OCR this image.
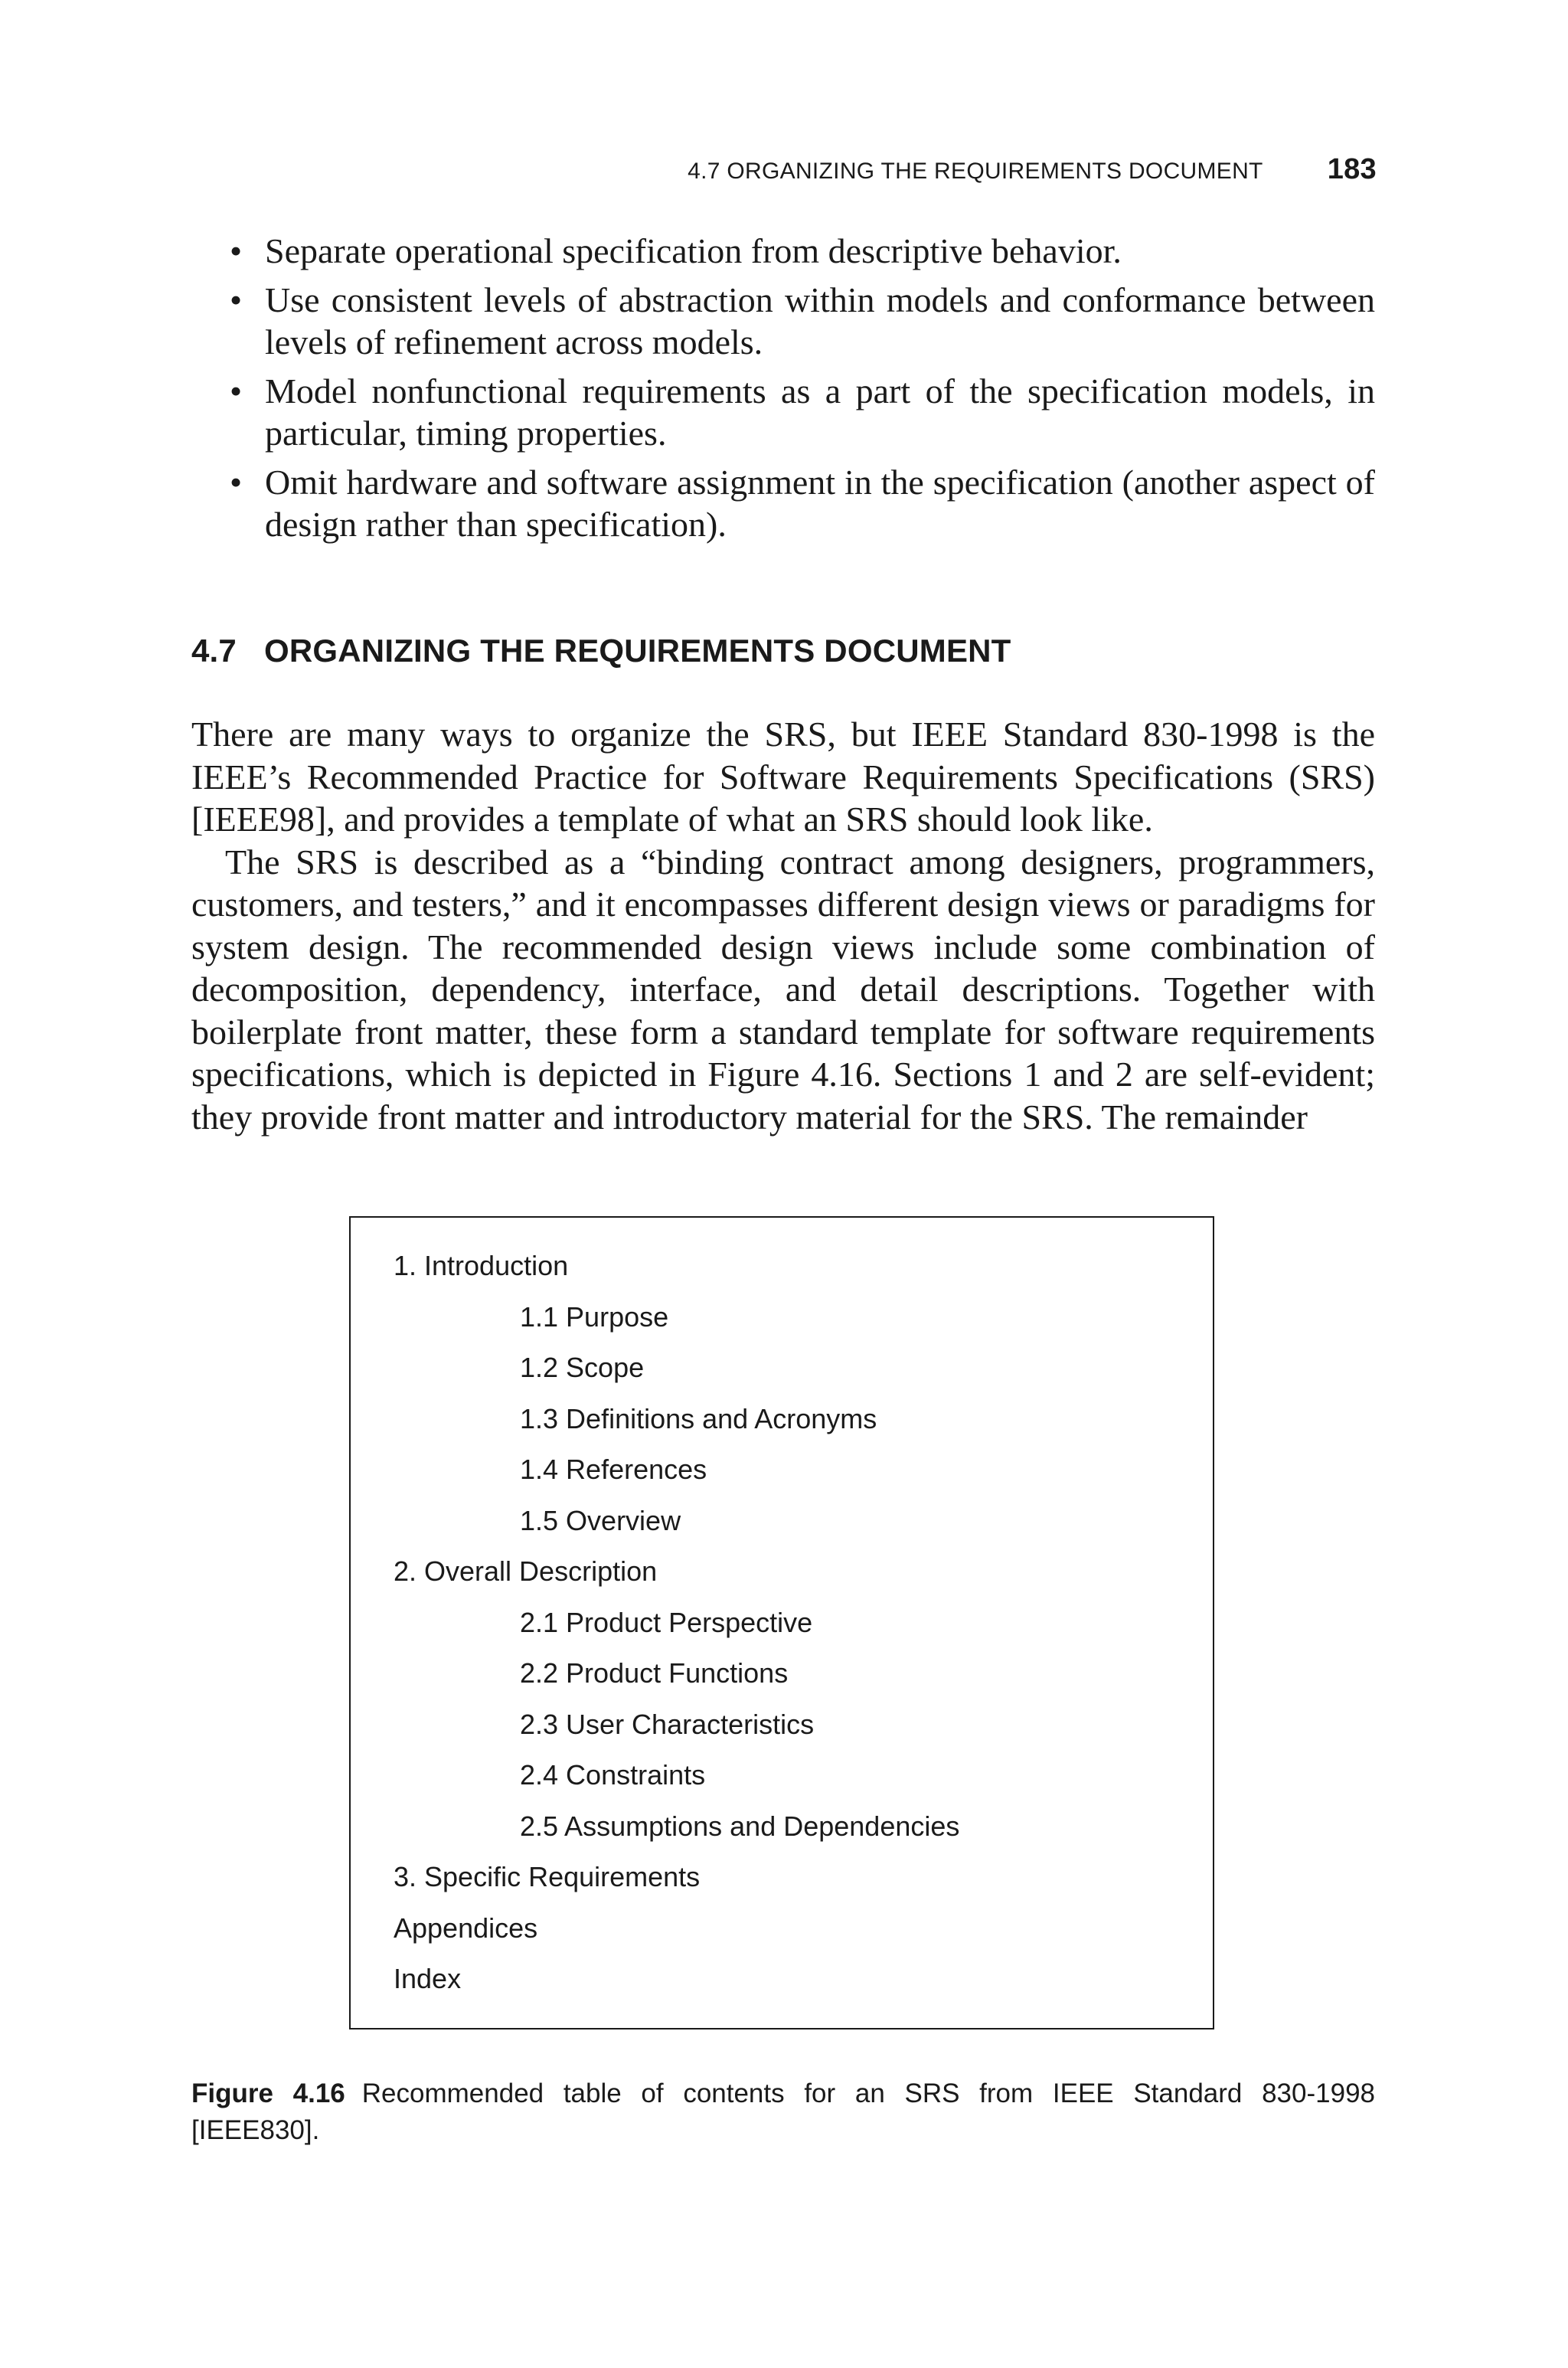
4.7 ORGANIZING THE REQUIREMENTS DOCUMENT 183
• Separate operational specification from descriptive behavior.
• Use consistent levels of abstraction within models and conformance between levels of refinement across models.
• Model nonfunctional requirements as a part of the specification models, in particular, timing properties.
• Omit hardware and software assignment in the specification (another aspect of design rather than specification).
4.7 ORGANIZING THE REQUIREMENTS DOCUMENT

There are many ways to organize the SRS, but IEEE Standard 830-1998 is the IEEE’s Recommended Practice for Software Requirements Specifications (SRS) [IEEE98], and provides a template of what an SRS should look like.

The SRS is described as a “binding contract among designers, programmers, customers, and testers,” and it encompasses different design views or paradigms for system design. The recommended design views include some combination of decomposition, dependency, interface, and detail descriptions. Together with boilerplate front matter, these form a standard template for software requirements specifications, which is depicted in Figure 4.16. Sections 1 and 2 are self-evident; they provide front matter and introductory material for the SRS. The remainder

1. Introduction
1.1 Purpose
1.2 Scope
1.3 Definitions and Acronyms
1.4 References
1.5 Overview
2. Overall Description
2.1 Product Perspective
2.2 Product Functions
2.3 User Characteristics
2.4 Constraints
2.5 Assumptions and Dependencies
3. Specific Requirements
Appendices
Index

Figure 4.16 Recommended table of contents for an SRS from IEEE Standard 830-1998 [IEEE830].
